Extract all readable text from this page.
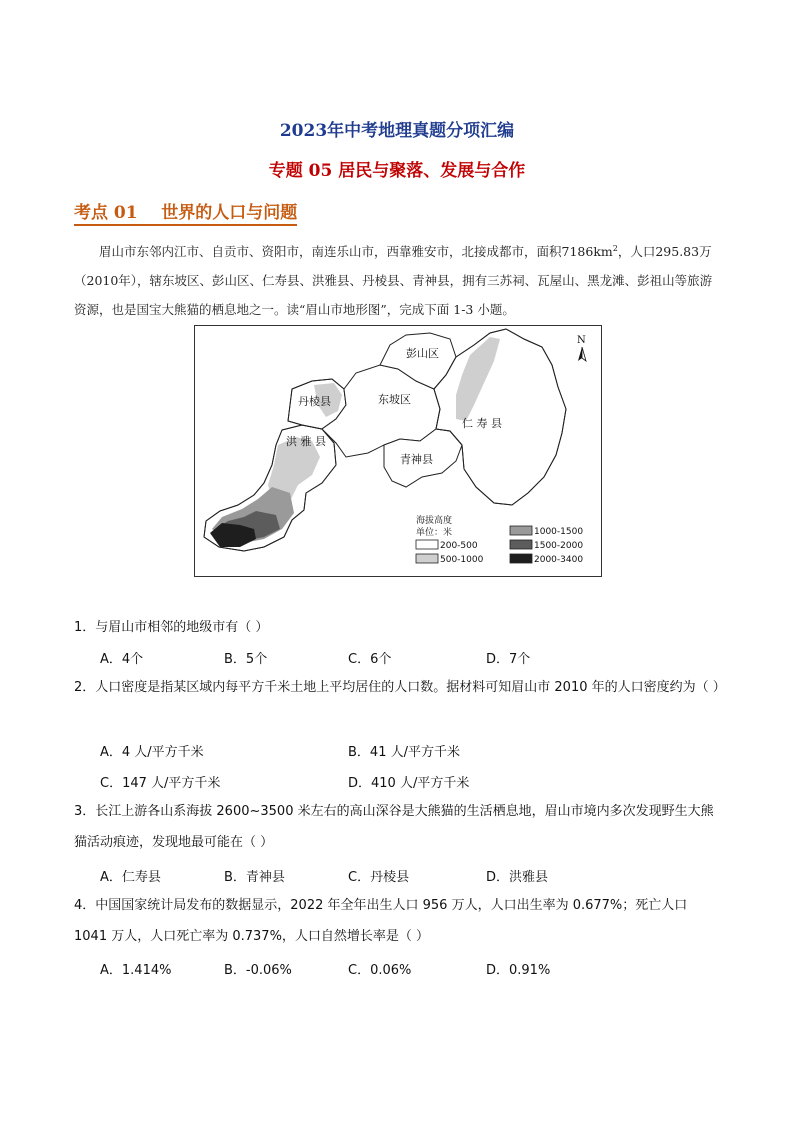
2023年中考地理真题分项汇编
专题 05 居民与聚落、发展与合作
考点 01    世界的人口与问题
眉山市东邻内江市、自贡市、资阳市，南连乐山市，西靠雅安市，北接成都市，面积$7186km^2$，人口295.83万（2010年），辖东坡区、彭山区、仁寿县、洪雅县、丹棱县、青神县，拥有三苏祠、瓦屋山、黑龙滩、彭祖山等旅游资源，也是国宝大熊猫的栖息地之一。读“眉山市地形图”，完成下面 1-3 小题。
彭山区
丹棱县	东坡区
仁 寿 县
洪 雅 县
青神县
N
海拔高度
单位：米
200-500
500-1000
1000-1500
1500-2000
2000-3400
1．与眉山市相邻的地级市有（ ）
A．4个	B．5个	C．6个	D．7个
2．人口密度是指某区域内每平方千米土地上平均居住的人口数。据材料可知眉山市 2010 年的人口密度约为（ ）
A．4 人/平方千米	B．41 人/平方千米
C．147 人/平方千米	D．410 人/平方千米
3．长江上游各山系海拔 2600~3500 米左右的高山深谷是大熊猫的生活栖息地，眉山市境内多次发现野生大熊猫活动痕迹，发现地最可能在（ ）
A．仁寿县	B．青神县	C．丹棱县	D．洪雅县
4．中国国家统计局发布的数据显示，2022 年全年出生人口 956 万人，人口出生率为 0.677%；死亡人口 1041 万人，人口死亡率为 0.737%，人口自然增长率是（ ）
A．1.414%	B．-0.06%	C．0.06%	D．0.91%
